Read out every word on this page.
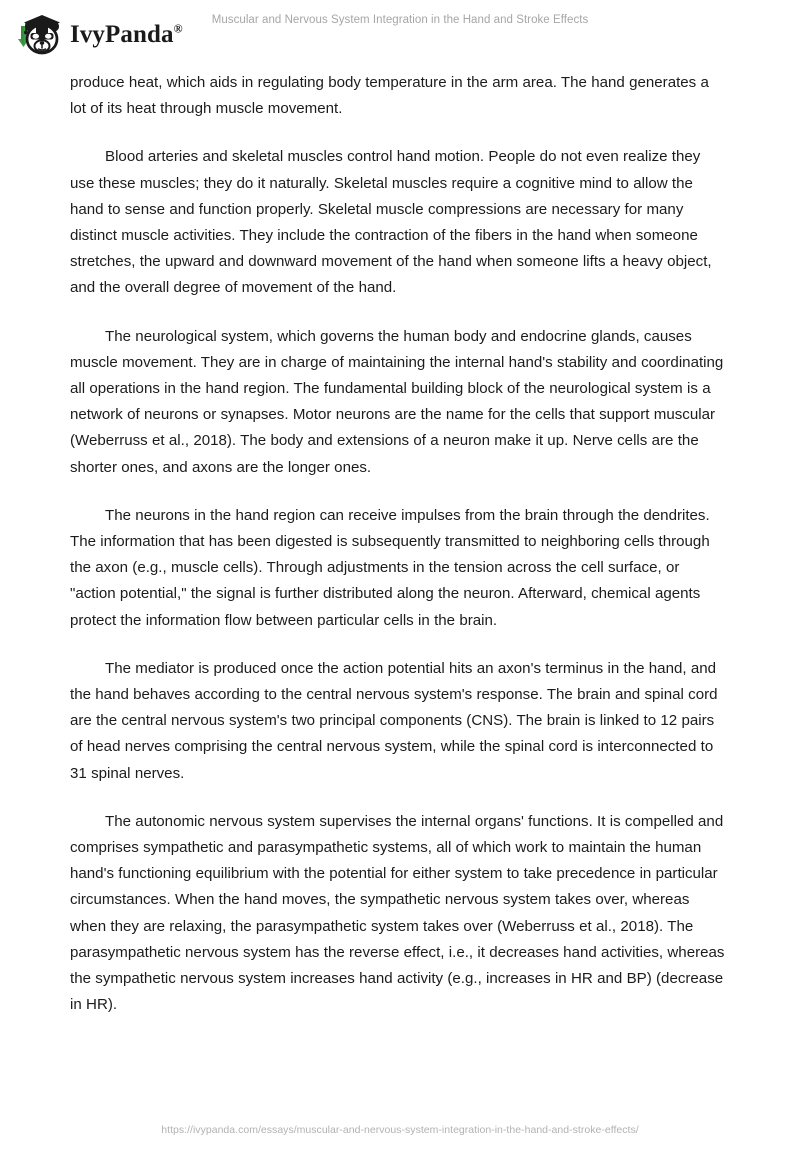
IvyPanda®
Muscular and Nervous System Integration in the Hand and Stroke Effects

produce heat, which aids in regulating body temperature in the arm area. The hand generates a lot of its heat through muscle movement.

Blood arteries and skeletal muscles control hand motion. People do not even realize they use these muscles; they do it naturally. Skeletal muscles require a cognitive mind to allow the hand to sense and function properly. Skeletal muscle compressions are necessary for many distinct muscle activities. They include the contraction of the fibers in the hand when someone stretches, the upward and downward movement of the hand when someone lifts a heavy object, and the overall degree of movement of the hand.

The neurological system, which governs the human body and endocrine glands, causes muscle movement. They are in charge of maintaining the internal hand's stability and coordinating all operations in the hand region. The fundamental building block of the neurological system is a network of neurons or synapses. Motor neurons are the name for the cells that support muscular (Weberruss et al., 2018). The body and extensions of a neuron make it up. Nerve cells are the shorter ones, and axons are the longer ones.

The neurons in the hand region can receive impulses from the brain through the dendrites. The information that has been digested is subsequently transmitted to neighboring cells through the axon (e.g., muscle cells). Through adjustments in the tension across the cell surface, or "action potential," the signal is further distributed along the neuron. Afterward, chemical agents protect the information flow between particular cells in the brain.

The mediator is produced once the action potential hits an axon's terminus in the hand, and the hand behaves according to the central nervous system's response. The brain and spinal cord are the central nervous system's two principal components (CNS). The brain is linked to 12 pairs of head nerves comprising the central nervous system, while the spinal cord is interconnected to 31 spinal nerves.

The autonomic nervous system supervises the internal organs' functions. It is compelled and comprises sympathetic and parasympathetic systems, all of which work to maintain the human hand's functioning equilibrium with the potential for either system to take precedence in particular circumstances. When the hand moves, the sympathetic nervous system takes over, whereas when they are relaxing, the parasympathetic system takes over (Weberruss et al., 2018). The parasympathetic nervous system has the reverse effect, i.e., it decreases hand activities, whereas the sympathetic nervous system increases hand activity (e.g., increases in HR and BP) (decrease in HR).

https://ivypanda.com/essays/muscular-and-nervous-system-integration-in-the-hand-and-stroke-effects/
